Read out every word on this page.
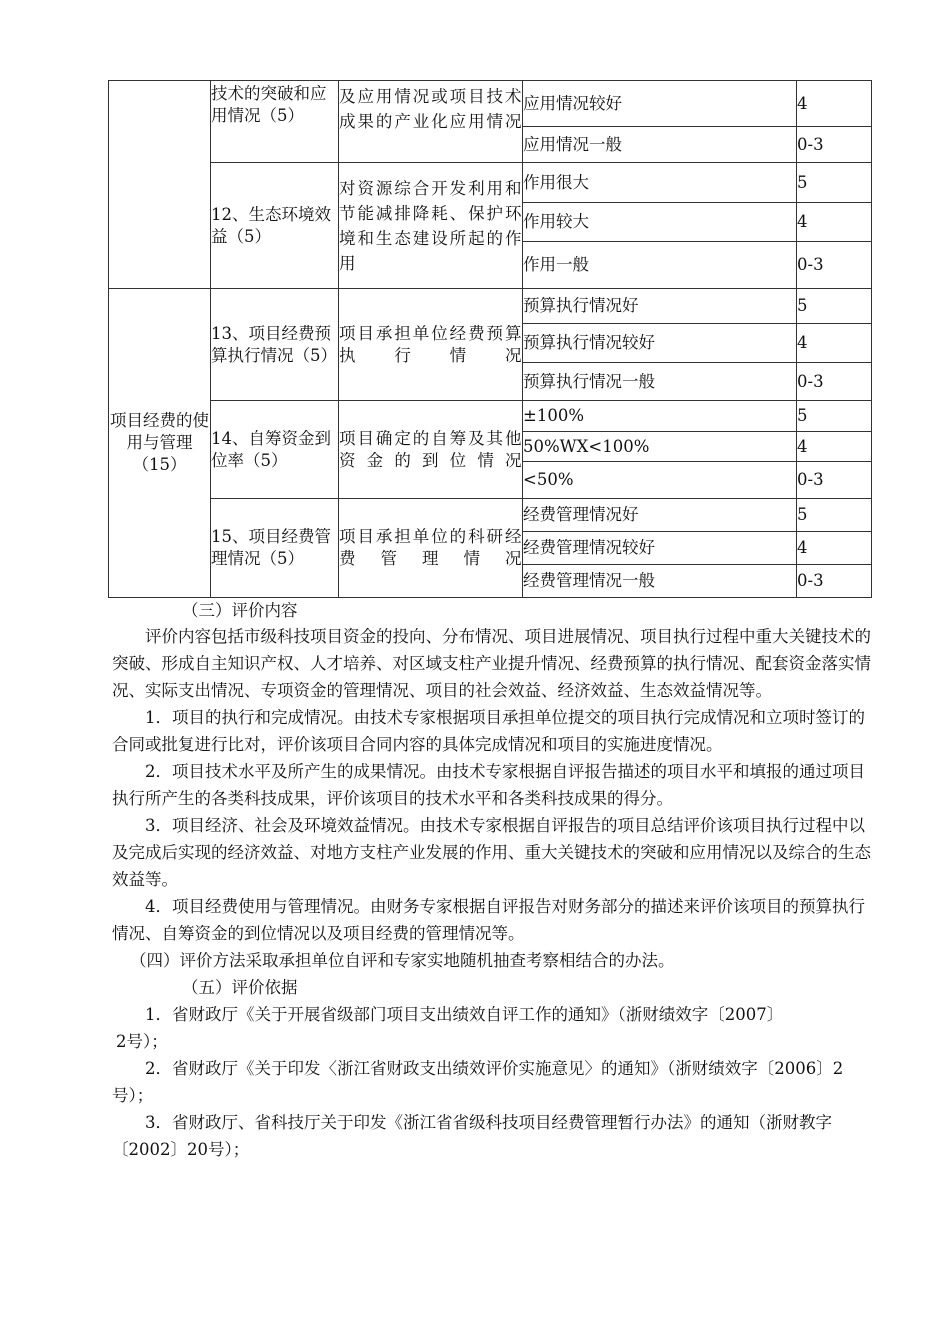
	技术的突破和应用情况（5）	及应用情况或项目技术成果的产业化应用情况	应用情况较好	4
			应用情况一般	0-3
	12、生态环境效益（5）	对资源综合开发利用和节能减排降耗、保护环境和生态建设所起的作用	作用很大	5
			作用较大	4
			作用一般	0-3
项目经费的使用与管理（15）	13、项目经费预算执行情况（5）	项目承担单位经费预算执行情况	预算执行情况好	5
			预算执行情况较好	4
			预算执行情况一般	0-3
	14、自筹资金到位率（5）	项目确定的自筹及其他资金的到位情况	±100%	5
			50%WX<100%	4
			<50%	0-3
	15、项目经费管理情况（5）	项目承担单位的科研经费管理情况	经费管理情况好	5
			经费管理情况较好	4
			经费管理情况一般	0-3

（三）评价内容

评价内容包括市级科技项目资金的投向、分布情况、项目进展情况、项目执行过程中重大关键技术的突破、形成自主知识产权、人才培养、对区域支柱产业提升情况、经费预算的执行情况、配套资金落实情况、实际支出情况、专项资金的管理情况、项目的社会效益、经济效益、生态效益情况等。

1．项目的执行和完成情况。由技术专家根据项目承担单位提交的项目执行完成情况和立项时签订的合同或批复进行比对，评价该项目合同内容的具体完成情况和项目的实施进度情况。

2．项目技术水平及所产生的成果情况。由技术专家根据自评报告描述的项目水平和填报的通过项目执行所产生的各类科技成果，评价该项目的技术水平和各类科技成果的得分。

3．项目经济、社会及环境效益情况。由技术专家根据自评报告的项目总结评价该项目执行过程中以及完成后实现的经济效益、对地方支柱产业发展的作用、重大关键技术的突破和应用情况以及综合的生态效益等。

4．项目经费使用与管理情况。由财务专家根据自评报告对财务部分的描述来评价该项目的预算执行情况、自筹资金的到位情况以及项目经费的管理情况等。

（四）评价方法采取承担单位自评和专家实地随机抽查考察相结合的办法。

（五）评价依据

1．省财政厅《关于开展省级部门项目支出绩效自评工作的通知》（浙财绩效字〔2007〕

2号）；

2．省财政厅《关于印发〈浙江省财政支出绩效评价实施意见〉的通知》（浙财绩效字〔2006〕2号）；

3．省财政厅、省科技厅关于印发《浙江省省级科技项目经费管理暂行办法》的通知（浙财教字〔2002〕20号）；
